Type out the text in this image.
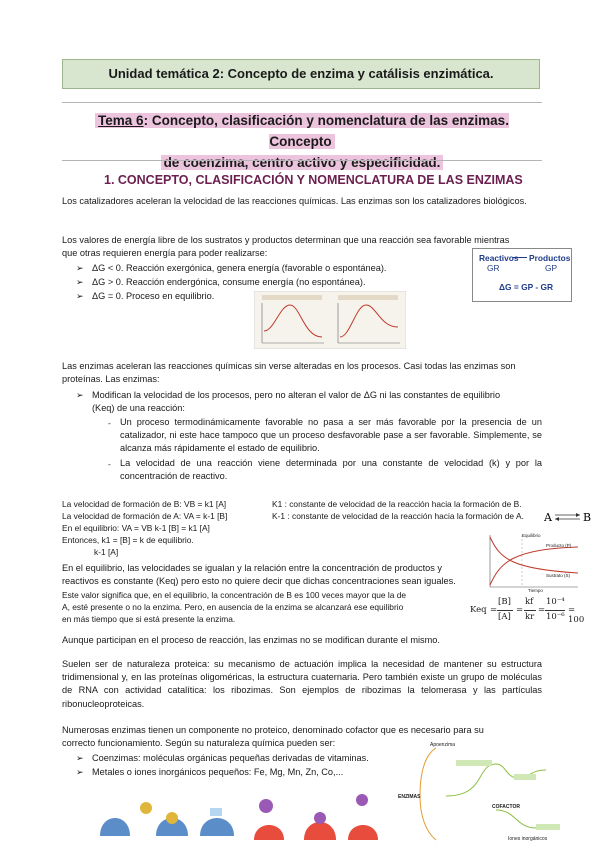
Unidad temática 2: Concepto de enzima y catálisis enzimática.
Tema 6: Concepto, clasificación y nomenclatura de las enzimas. Concepto
de coenzima, centro activo y especificidad.
1. CONCEPTO, CLASIFICACIÓN Y NOMENCLATURA DE LAS ENZIMAS
Los catalizadores aceleran la velocidad de las reacciones químicas. Las enzimas son los catalizadores biológicos.
Los valores de energía libre de los sustratos y productos determinan que una reacción sea favorable mientras
que otras requieren energía para poder realizarse:
➢ ΔG < 0. Reacción exergónica, genera energía (favorable o espontánea).
➢ ΔG > 0. Reacción endergónica, consume energía (no espontánea).
➢ ΔG = 0. Proceso en equilibrio.
Reactivos Productos
GR	GP
ΔG = GP - GR
Las enzimas aceleran las reacciones químicas sin verse alteradas en los procesos. Casi todas las enzimas son
proteínas. Las enzimas:
➢ Modifican la velocidad de los procesos, pero no alteran el valor de ΔG ni las constantes de equilibrio
(Keq) de una reacción:
Un proceso termodinámicamente favorable no pasa a ser más favorable por la presencia de un catalizador, ni este hace tampoco que un proceso desfavorable pase a ser favorable. Simplemente, se alcanza más rápidamente el estado de equilibrio.
-
La velocidad de una reacción viene determinada por una constante de velocidad (k) y por la concentración de reactivo.
-
La velocidad de formación de B: VB = k1 [A]
La velocidad de formación de A: VA = k-1 [B]
En el equilibrio: VA = VB k-1 [B] = k1 [A]
Entonces, k1 = [B] = k de equilibrio.
k-1 [A]
K1 : constante de velocidad de la reacción hacia la formación de B.
K-1 : constante de velocidad de la reacción hacia la formación de A.	A	B
Equilibrio
Producto (P)
Sustrato (S)
Tiempo
En el equilibrio, las velocidades se igualan y la relación entre la concentración de productos y
reactivos es constante (Keq) pero esto no quiere decir que dichas concentraciones sean iguales.
Este valor significa que, en el equilibrio, la concentración de B es 100 veces mayor que la de
A, esté presente o no la enzima. Pero, en ausencia de la enzima se alcanzará ese equilibrio
en más tiempo que si está presente la enzima.
Keq =
[B]
[A]
=
kf
kr
=
10⁻⁴
10⁻⁶
= 100
Aunque participan en el proceso de reacción, las enzimas no se modifican durante el mismo.
Suelen ser de naturaleza proteica: su mecanismo de actuación implica la necesidad de mantener su estructura tridimensional y, en las proteínas oligoméricas, la estructura cuaternaria. Pero también existe un grupo de moléculas de RNA con actividad catalítica: los ribozimas. Son ejemplos de ribozimas la telomerasa y las partículas ribonucleoproteicas.
Numerosas enzimas tienen un componente no proteico, denominado cofactor que es necesario para su
correcto funcionamiento. Según su naturaleza química pueden ser:
➢ Coenzimas: moléculas orgánicas pequeñas derivadas de vitaminas.
➢ Metales o iones inorgánicos pequeños: Fe, Mg, Mn, Zn, Co,...
ENZIMAS
COFACTOR
Apoenzima
Iones inorgánicos
